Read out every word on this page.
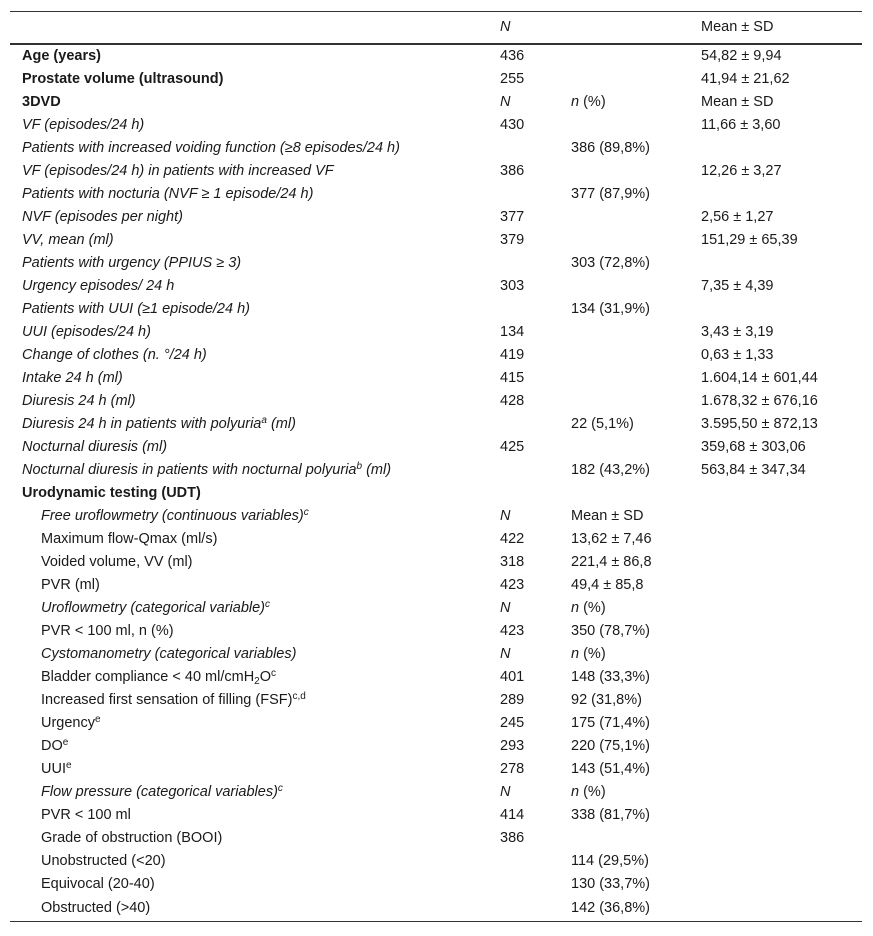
	N		Mean ± SD
Age (years)	436		54,82 ± 9,94
Prostate volume (ultrasound)	255		41,94 ± 21,62
3DVD	N	n (%)	Mean ± SD
VF (episodes/24 h)	430		11,66 ± 3,60
Patients with increased voiding function (≥8 episodes/24 h)		386 (89,8%)	
VF (episodes/24 h) in patients with increased VF	386		12,26 ± 3,27
Patients with nocturia (NVF ≥ 1 episode/24 h)		377 (87,9%)	
NVF (episodes per night)	377		2,56 ± 1,27
VV, mean (ml)	379		151,29 ± 65,39
Patients with urgency (PPIUS ≥ 3)		303 (72,8%)	
Urgency episodes/ 24 h	303		7,35 ± 4,39
Patients with UUI (≥1 episode/24 h)		134 (31,9%)	
UUI (episodes/24 h)	134		3,43 ± 3,19
Change of clothes (n. °/24 h)	419		0,63 ± 1,33
Intake 24 h (ml)	415		1.604,14 ± 601,44
Diuresis 24 h (ml)	428		1.678,32 ± 676,16
Diuresis 24 h in patients with polyuria$^a$ (ml)		22 (5,1%)	3.595,50 ± 872,13
Nocturnal diuresis (ml)	425		359,68 ± 303,06
Nocturnal diuresis in patients with nocturnal polyuria$^b$ (ml)		182 (43,2%)	563,84 ± 347,34
Urodynamic testing (UDT)			
Free uroflowmetry (continuous variables)$^c$	N	Mean ± SD	
Maximum flow-Qmax (ml/s)	422	13,62 ± 7,46	
Voided volume, VV (ml)	318	221,4 ± 86,8	
PVR (ml)	423	49,4 ± 85,8	
Uroflowmetry (categorical variable)$^c$	N	n (%)	
PVR < 100 ml, n (%)	423	350 (78,7%)	
Cystomanometry (categorical variables)	N	n (%)	
Bladder compliance < 40 $ml/cmH_2O^c$	401	148 (33,3%)	
Increased first sensation of filling (FSF)$^{c,d}$	289	92 (31,8%)	
Urgency$^e$	245	175 (71,4%)	
$DO^e$	293	220 (75,1%)	
UUI$^e$	278	143 (51,4%)	
Flow pressure (categorical variables)$^c$	N	n (%)	
PVR < 100 ml	414	338 (81,7%)	
Grade of obstruction (BOOI)	386		
Unobstructed (<20)		114 (29,5%)	
Equivocal (20-40)		130 (33,7%)	
Obstructed (>40)		142 (36,8%)	
